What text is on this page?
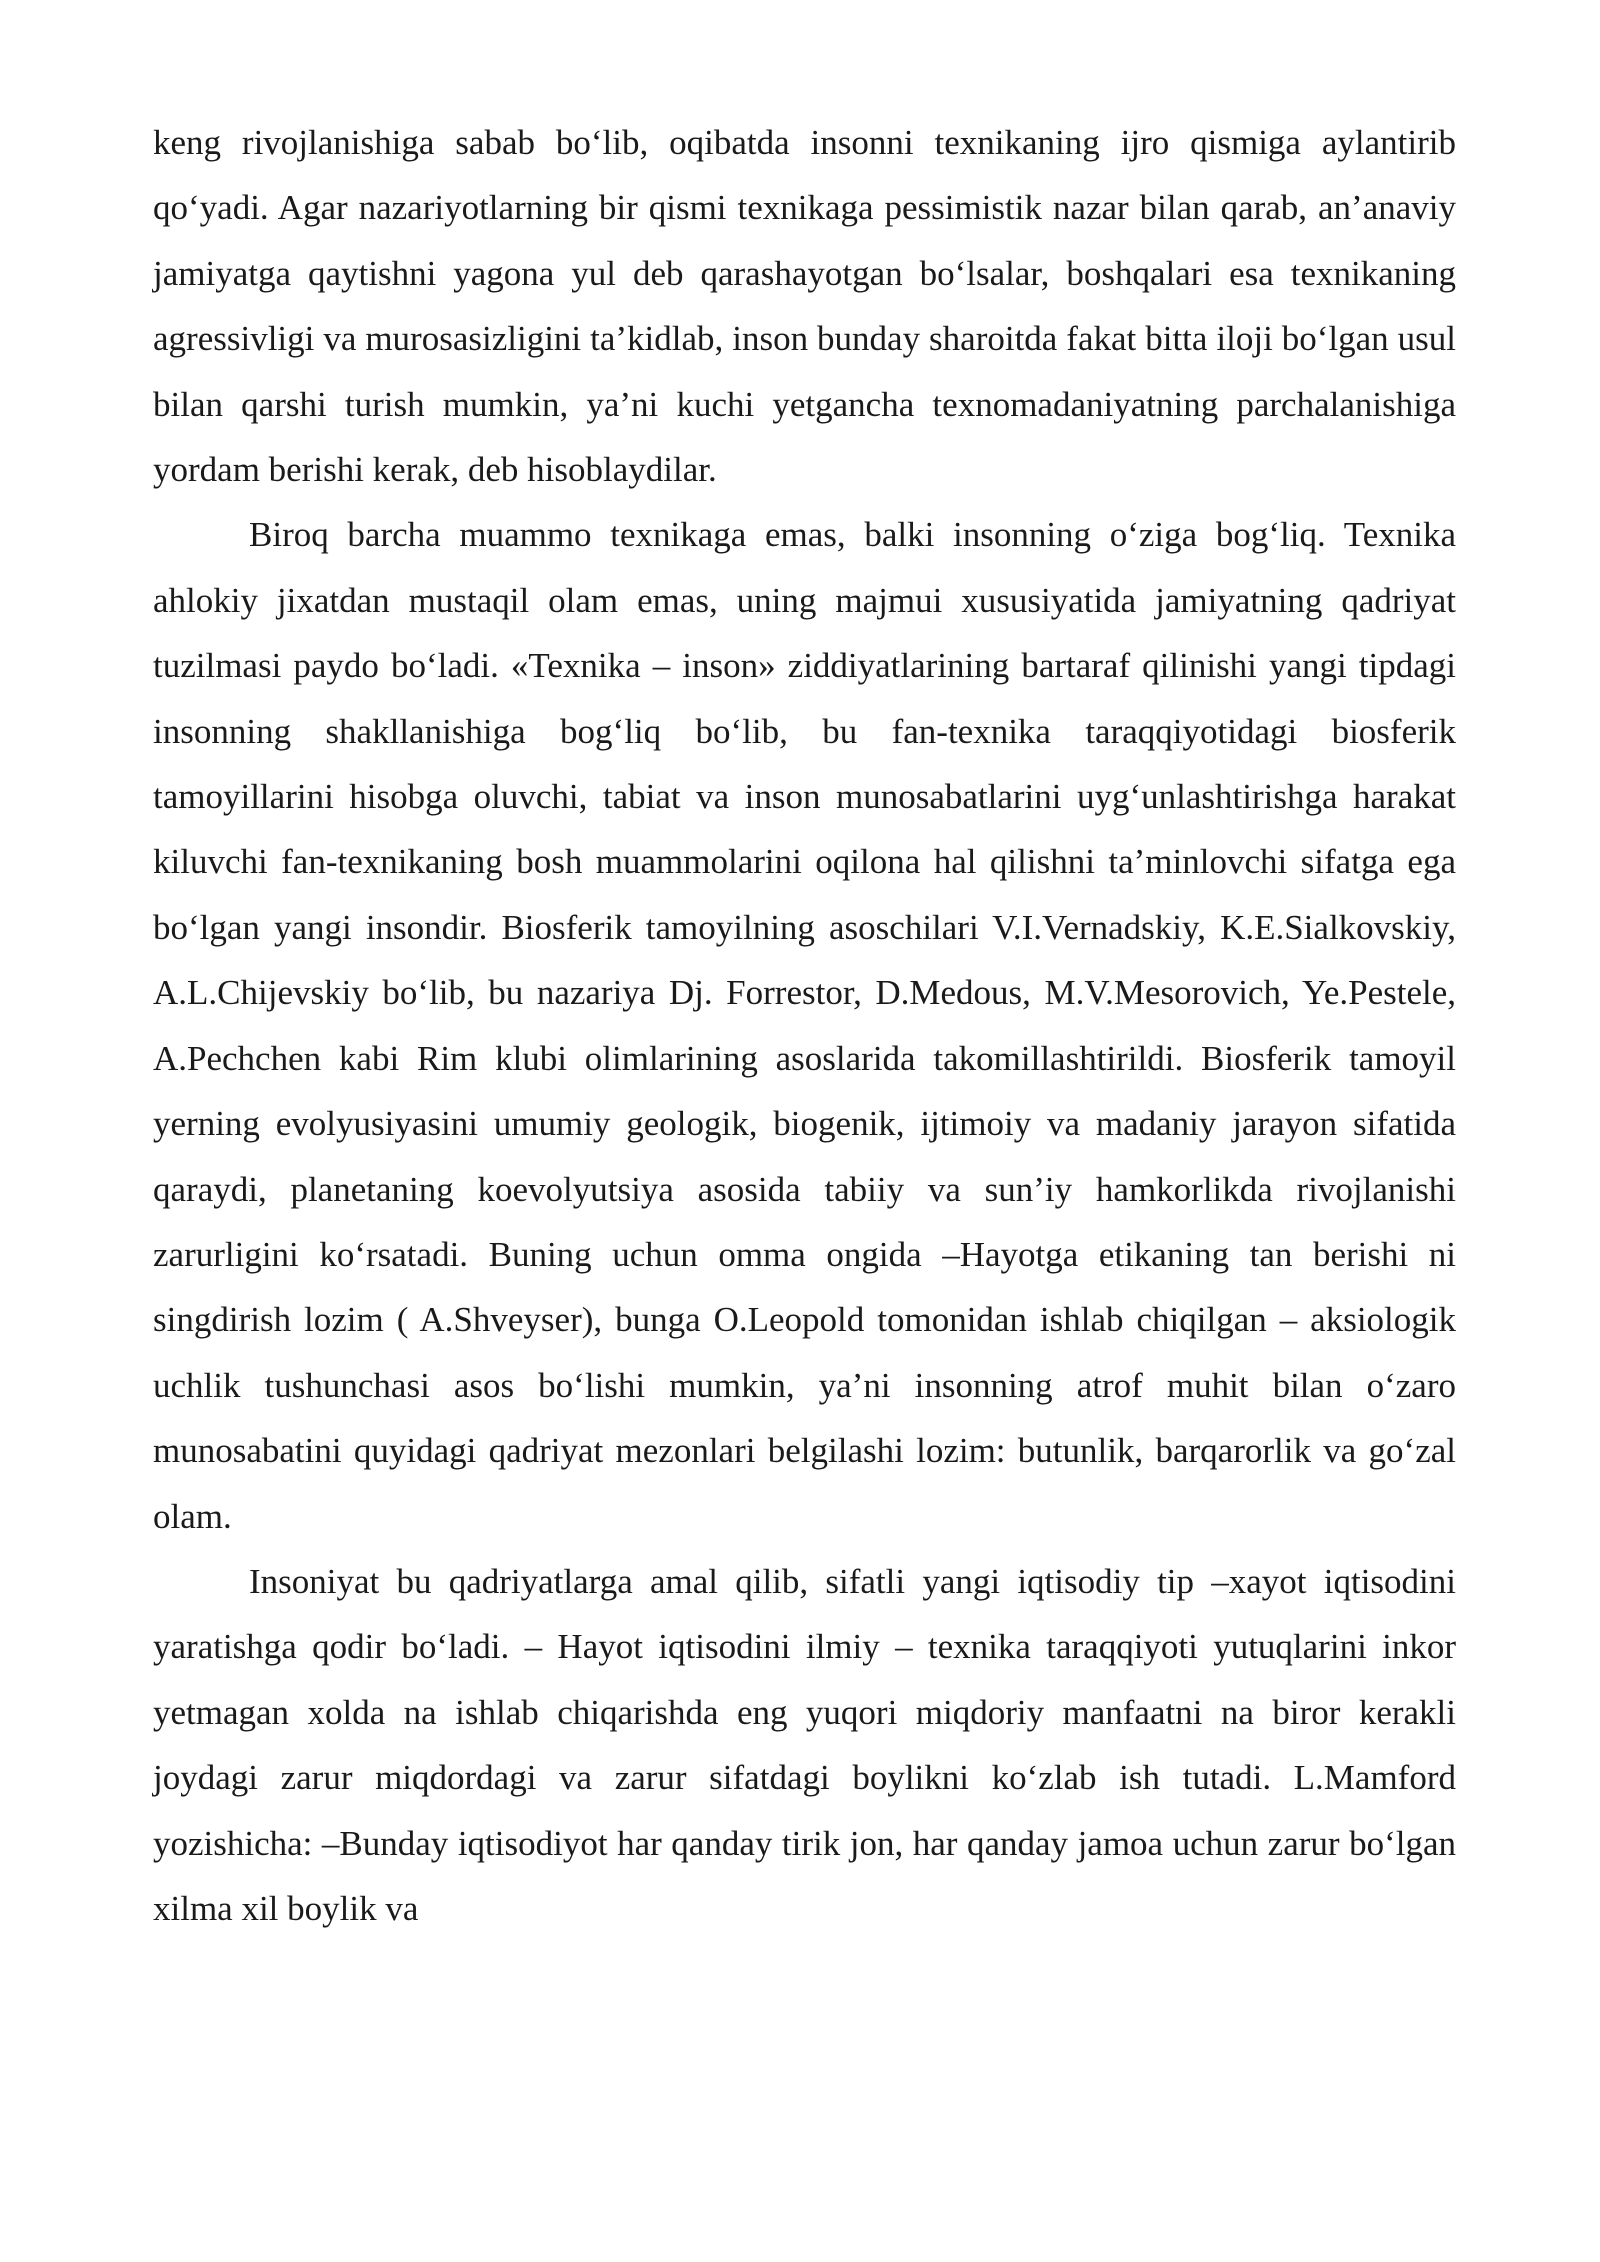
keng rivojlanishiga sabab bo‘lib, oqibatda insonni texnikaning ijro qismiga aylantirib qo‘yadi. Agar nazariyotlarning bir qismi texnikaga pessimistik nazar bilan qarab, an’anaviy jamiyatga qaytishni yagona yul deb qarashayotgan bo‘lsalar, boshqalari esa texnikaning agressivligi va murosasizligini ta’kidlab, inson bunday sharoitda fakat bitta iloji bo‘lgan usul bilan qarshi turish mumkin, ya’ni kuchi yetgancha texnomadaniyatning parchalanishiga yordam berishi kerak, deb hisoblaydilar.

Biroq barcha muammo texnikaga emas, balki insonning o‘ziga bog‘liq. Texnika ahlokiy jixatdan mustaqil olam emas, uning majmui xususiyatida jamiyatning qadriyat tuzilmasi paydo bo‘ladi. «Texnika – inson» ziddiyatlarining bartaraf qilinishi yangi tipdagi insonning shakllanishiga bog‘liq bo‘lib, bu fan-texnika taraqqiyotidagi biosferik tamoyillarini hisobga oluvchi, tabiat va inson munosabatlarini uyg‘unlashtirishga harakat kiluvchi fan-texnikaning bosh muammolarini oqilona hal qilishni ta’minlovchi sifatga ega bo‘lgan yangi insondir. Biosferik tamoyilning asoschilari V.I.Vernadskiy, K.E.Sialkovskiy, A.L.Chijevskiy bo‘lib, bu nazariya Dj. Forrestor, D.Medous, M.V.Mesorovich, Ye.Pestele, A.Pechchen kabi Rim klubi olimlarining asoslarida takomillashtirildi. Biosferik tamoyil yerning evolyusiyasini umumiy geologik, biogenik, ijtimoiy va madaniy jarayon sifatida qaraydi, planetaning koevolyutsiya asosida tabiiy va sun’iy hamkorlikda rivojlanishi zarurligini ko‘rsatadi. Buning uchun omma ongida –Hayotga etikaning tan berishi ni singdirish lozim ( A.Shveyser), bunga O.Leopold tomonidan ishlab chiqilgan – aksiologik uchlik tushunchasi asos bo‘lishi mumkin, ya’ni insonning atrof muhit bilan o‘zaro munosabatini quyidagi qadriyat mezonlari belgilashi lozim: butunlik, barqarorlik va go‘zal olam.

Insoniyat bu qadriyatlarga amal qilib, sifatli yangi iqtisodiy tip –xayot iqtisodini yaratishga qodir bo‘ladi. – Hayot iqtisodini ilmiy – texnika taraqqiyoti yutuqlarini inkor yetmagan xolda na ishlab chiqarishda eng yuqori miqdoriy manfaatni na biror kerakli joydagi zarur miqdordagi va zarur sifatdagi boylikni ko‘zlab ish tutadi. L.Mamford yozishicha: –Bunday iqtisodiyot har qanday tirik jon, har qanday jamoa uchun zarur bo‘lgan xilma xil boylik va
